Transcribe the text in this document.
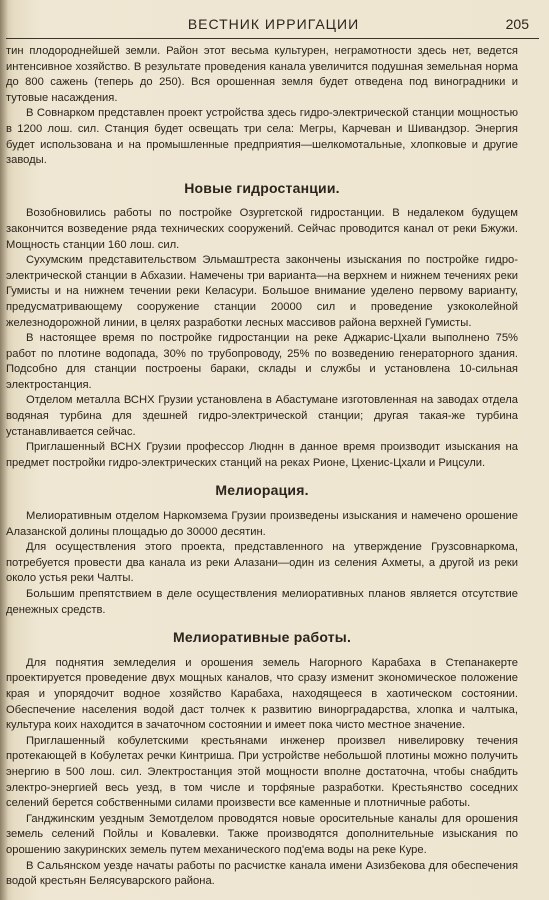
ВЕСТНИК ИРРИГАЦИИ	205

тин плодороднейшей земли. Район этот весьма культурен, неграмотности здесь нет, ведется интенсивное хозяйство. В результате проведения канала увеличится подушная земельная норма до 800 сажень (теперь до 250). Вся орошенная земля будет отведена под виноградники и тутовые насаждения.

В Совнарком представлен проект устройства здесь гидро-электрической станции мощностью в 1200 лош. сил. Станция будет освещать три села: Мегры, Карчеван и Шивандзор. Энергия будет использована и на промышленные предприятия—шелкомотальные, хлопковые и другие заводы.

Новые гидростанции.

Возобновились работы по постройке Озургетской гидростанции. В недалеком будущем закончится возведение ряда технических сооружений. Сейчас проводится канал от реки Бжужи. Мощность станции 160 лош. сил.

Сухумским представительством Эльмаштреста закончены изыскания по постройке гидро-электрической станции в Абхазии. Намечены три варианта—на верхнем и нижнем течениях реки Гумисты и на нижнем течении реки Келасури. Большое внимание уделено первому варианту, предусматривающему сооружение станции 20000 сил и проведение узкоколейной железнодорожной линии, в целях разработки лесных массивов района верхней Гумисты.

В настоящее время по постройке гидростанции на реке Аджарис-Цхали выполнено 75% работ по плотине водопада, 30% по трубопроводу, 25% по возведению генераторного здания. Подсобно для станции построены бараки, склады и службы и установлена 10-сильная электростанция.

Отделом металла ВСНХ Грузии установлена в Абастумане изготовленная на заводах отдела водяная турбина для здешней гидро-электрической станции; другая такая-же турбина устанавливается сейчас.

Приглашенный ВСНХ Грузии профессор Люднн в данное время производит изыскания на предмет постройки гидро-электрических станций на реках Рионе, Цхенис-Цхали и Рицсули.

Мелиорация.

Мелиоративным отделом Наркомзема Грузии произведены изыскания и намечено орошение Алазанской долины площадью до 30000 десятин.

Для осуществления этого проекта, представленного на утверждение Грузсовнаркома, потребуется провести два канала из реки Алазани—один из селения Ахметы, а другой из реки около устья реки Чалты.

Большим препятствием в деле осуществления мелиоративных планов является отсутствие денежных средств.

Мелиоративные работы.

Для поднятия земледелия и орошения земель Нагорного Карабаха в Степанакерте проектируется проведение двух мощных каналов, что сразу изменит экономическое положение края и упорядочит водное хозяйство Карабаха, находящееся в хаотическом состоянии. Обеспечение населения водой даст толчек к развитию винорградарства, хлопка и чалтыка, культура коих находится в зачаточном состоянии и имеет пока чисто местное значение.

Приглашенный кобулетскими крестьянами инженер произвел нивелировку течения протекающей в Кобулетах речки Кинтриша. При устройстве небольшой плотины можно получить энергию в 500 лош. сил. Электростанция этой мощности вполне достаточна, чтобы снабдить электро-энергией весь уезд, в том числе и торфяные разработки. Крестьянство соседних селений берется собственными силами произвести все каменные и плотничные работы.

Ганджинским уездным Земотделом проводятся новые оросительные каналы для орошения земель селений Пойлы и Ковалевки. Также производятся дополнительные изыскания по орошению закуринских земель путем механического под'ема воды на реке Куре.

В Сальянском уезде начаты работы по расчистке канала имени Азизбекова для обеспечения водой крестьян Белясуварского района.
